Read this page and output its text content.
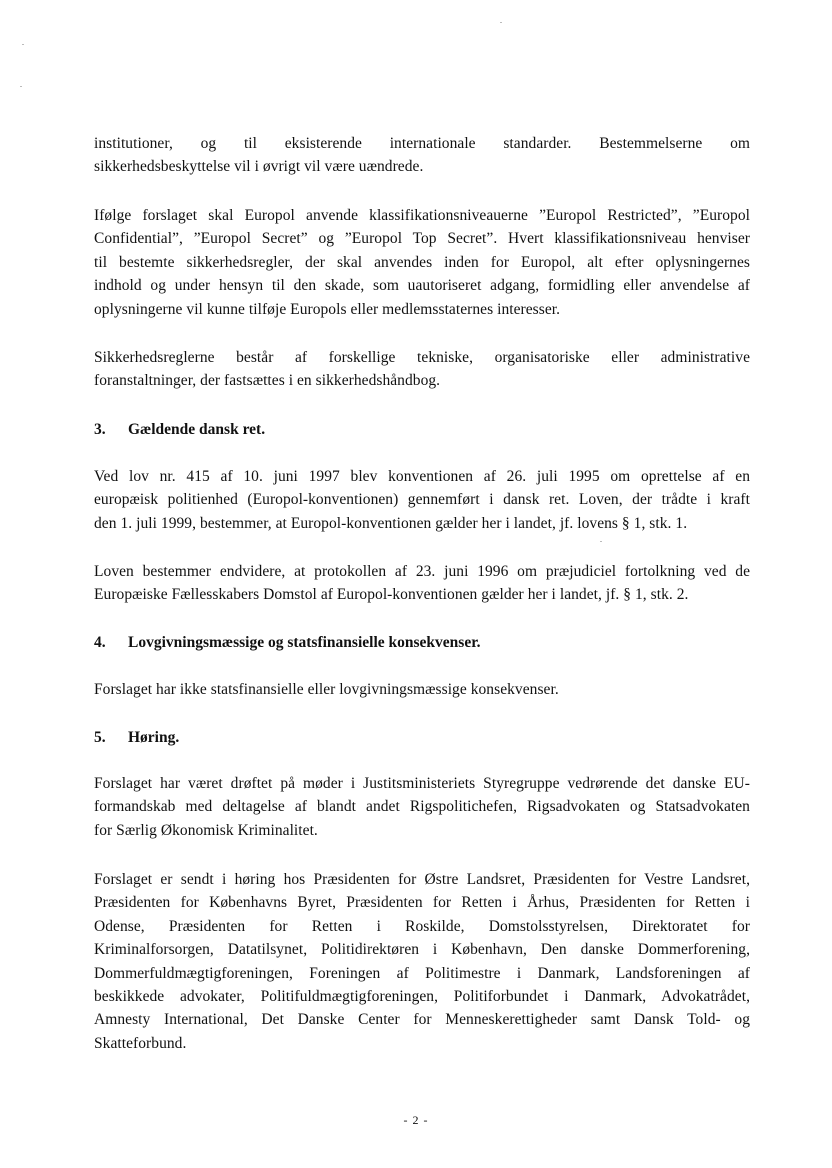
institutioner, og til eksisterende internationale standarder. Bestemmelserne om
sikkerhedsbeskyttelse vil i øvrigt vil være uændrede.

Ifølge forslaget skal Europol anvende klassifikationsniveauerne ”Europol Restricted”, ”Europol
Confidential”, ”Europol Secret” og ”Europol Top Secret”. Hvert klassifikationsniveau henviser
til bestemte sikkerhedsregler, der skal anvendes inden for Europol, alt efter oplysningernes
indhold og under hensyn til den skade, som uautoriseret adgang, formidling eller anvendelse af
oplysningerne vil kunne tilføje Europols eller medlemsstaternes interesser.

Sikkerhedsreglerne består af forskellige tekniske, organisatoriske eller administrative
foranstaltninger, der fastsættes i en sikkerhedshåndbog.

3. Gældende dansk ret.

Ved lov nr. 415 af 10. juni 1997 blev konventionen af 26. juli 1995 om oprettelse af en
europæisk politienhed (Europol-konventionen) gennemført i dansk ret. Loven, der trådte i kraft
den 1. juli 1999, bestemmer, at Europol-konventionen gælder her i landet, jf. lovens § 1, stk. 1.

Loven bestemmer endvidere, at protokollen af 23. juni 1996 om præjudiciel fortolkning ved de
Europæiske Fællesskabers Domstol af Europol-konventionen gælder her i landet, jf. § 1, stk. 2.

4. Lovgivningsmæssige og statsfinansielle konsekvenser.

Forslaget har ikke statsfinansielle eller lovgivningsmæssige konsekvenser.

5. Høring.

Forslaget har været drøftet på møder i Justitsministeriets Styregruppe vedrørende det danske EU-
formandskab med deltagelse af blandt andet Rigspolitichefen, Rigsadvokaten og Statsadvokaten
for Særlig Økonomisk Kriminalitet.

Forslaget er sendt i høring hos Præsidenten for Østre Landsret, Præsidenten for Vestre Landsret,
Præsidenten for Københavns Byret, Præsidenten for Retten i Århus, Præsidenten for Retten i
Odense, Præsidenten for Retten i Roskilde, Domstolsstyrelsen, Direktoratet for
Kriminalforsorgen, Datatilsynet, Politidirektøren i København, Den danske Dommerforening,
Dommerfuldmægtigforeningen, Foreningen af Politimestre i Danmark, Landsforeningen af
beskikkede advokater, Politifuldmægtigforeningen, Politiforbundet i Danmark, Advokatrådet,
Amnesty International, Det Danske Center for Menneskerettigheder samt Dansk Told- og
Skatteforbund.

- 2 -
